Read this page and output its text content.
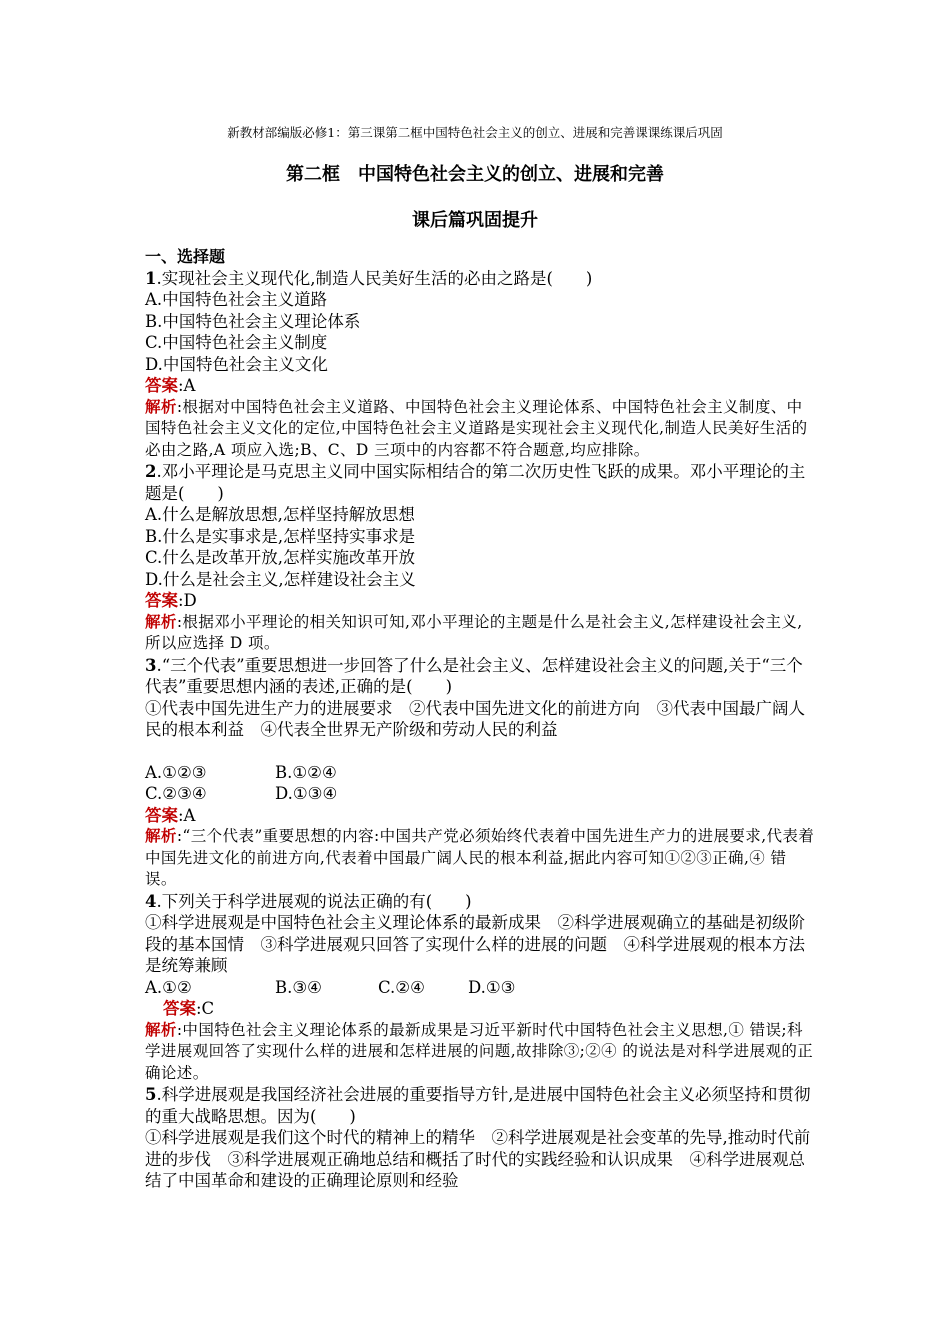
新教材部编版必修1：第三课第二框中国特色社会主义的创立、进展和完善课课练课后巩固
第二框　中国特色社会主义的创立、进展和完善
课后篇巩固提升

一、选择题

1.实现社会主义现代化,制造人民美好生活的必由之路是(　　)

A.中国特色社会主义道路

B.中国特色社会主义理论体系

C.中国特色社会主义制度

D.中国特色社会主义文化

答案:A

解析:根据对中国特色社会主义道路、中国特色社会主义理论体系、中国特色社会主义制度、中国特色社会主义文化的定位,中国特色社会主义道路是实现社会主义现代化,制造人民美好生活的必由之路,A 项应入选;B、C、D 三项中的内容都不符合题意,均应排除。

2.邓小平理论是马克思主义同中国实际相结合的第二次历史性飞跃的成果。邓小平理论的主题是(　　)

A.什么是解放思想,怎样坚持解放思想

B.什么是实事求是,怎样坚持实事求是

C.什么是改革开放,怎样实施改革开放

D.什么是社会主义,怎样建设社会主义

答案:D

解析:根据邓小平理论的相关知识可知,邓小平理论的主题是什么是社会主义,怎样建设社会主义,所以应选择 D 项。

3.“三个代表”重要思想进一步回答了什么是社会主义、怎样建设社会主义的问题,关于“三个代表”重要思想内涵的表述,正确的是(　　)

①代表中国先进生产力的进展要求　②代表中国先进文化的前进方向　③代表中国最广阔人民的根本利益　④代表全世界无产阶级和劳动人民的利益

A.①②③	B.①②④

C.②③④	D.①③④

答案:A

解析:“三个代表”重要思想的内容:中国共产党必须始终代表着中国先进生产力的进展要求,代表着中国先进文化的前进方向,代表着中国最广阔人民的根本利益,据此内容可知①②③正确,④ 错误。

4.下列关于科学进展观的说法正确的有(　　)

①科学进展观是中国特色社会主义理论体系的最新成果　②科学进展观确立的基础是初级阶段的基本国情　③科学进展观只回答了实现什么样的进展的问题　④科学进展观的根本方法是统筹兼顾

A.①②	B.③④	C.②④	D.①③

答案:C

解析:中国特色社会主义理论体系的最新成果是习近平新时代中国特色社会主义思想,① 错误;科学进展观回答了实现什么样的进展和怎样进展的问题,故排除③;②④ 的说法是对科学进展观的正确论述。

5.科学进展观是我国经济社会进展的重要指导方针,是进展中国特色社会主义必须坚持和贯彻的重大战略思想。因为(　　)

①科学进展观是我们这个时代的精神上的精华　②科学进展观是社会变革的先导,推动时代前进的步伐　③科学进展观正确地总结和概括了时代的实践经验和认识成果　④科学进展观总结了中国革命和建设的正确理论原则和经验
